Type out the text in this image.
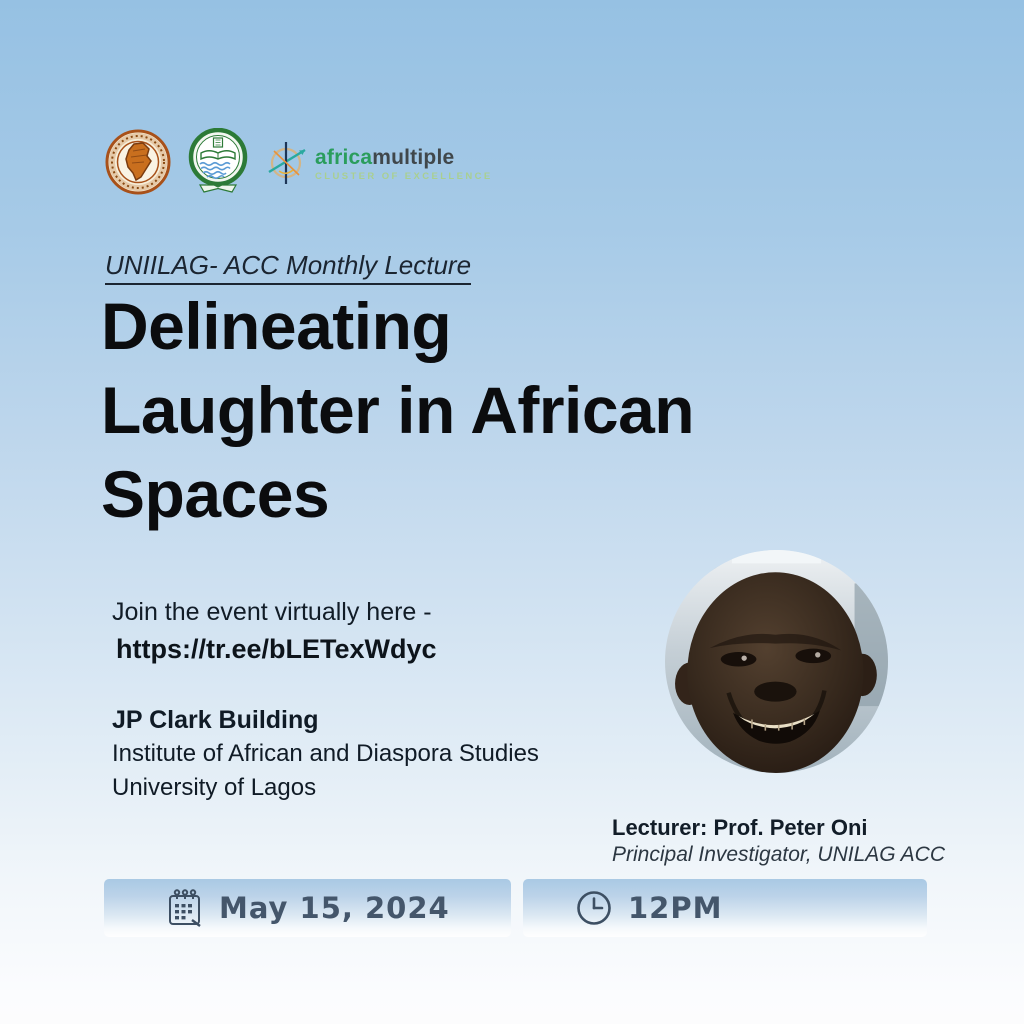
africamultiple
CLUSTER OF EXCELLENCE
UNIILAG- ACC Monthly Lecture
Delineating
Laughter in African
Spaces
Join the event virtually here -
https://tr.ee/bLETexWdyc
JP Clark Building
Institute of African and Diaspora Studies
University of Lagos
Lecturer: Prof. Peter Oni
Principal Investigator, UNILAG ACC
May 15, 2024	12PM
